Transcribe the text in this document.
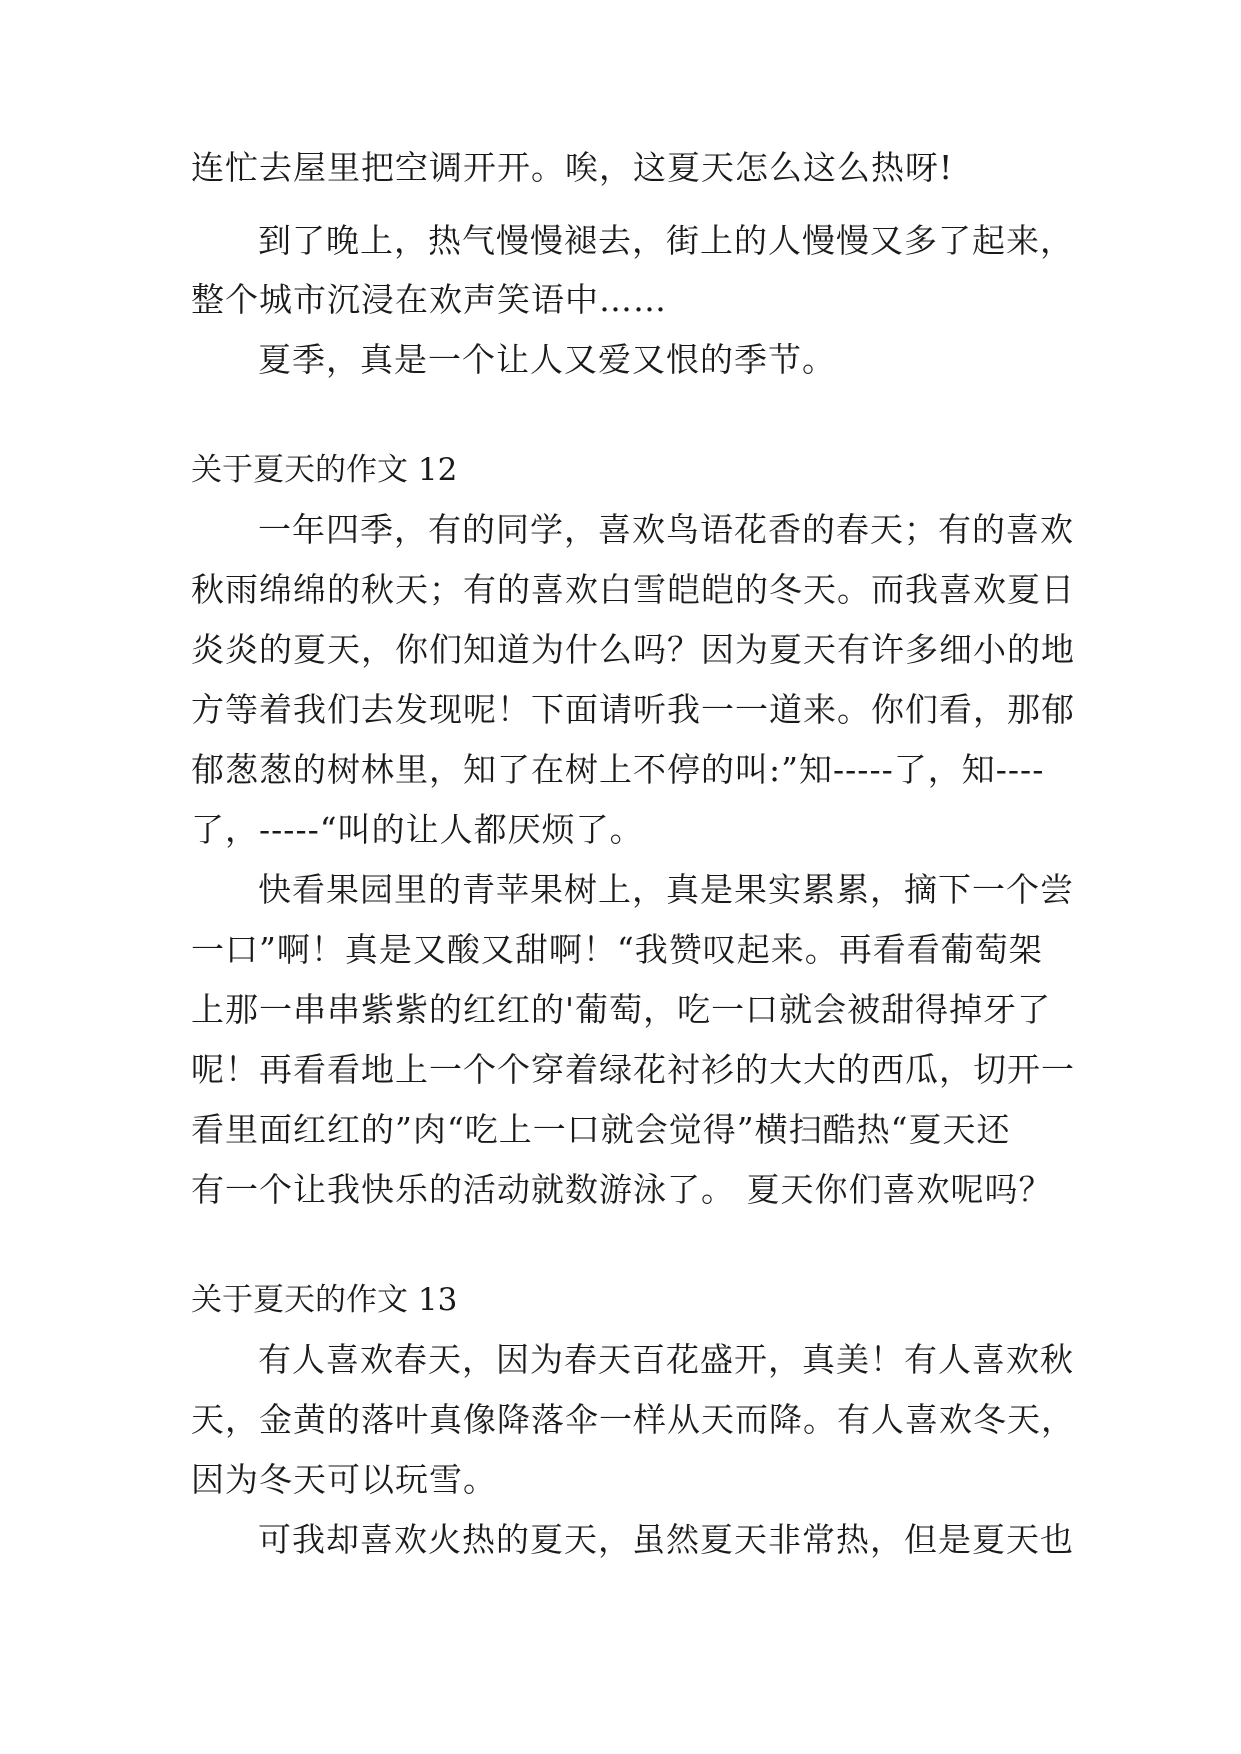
连忙去屋里把空调开开。唉，这夏天怎么这么热呀!
到了晚上，热气慢慢褪去，街上的人慢慢又多了起来，
整个城市沉浸在欢声笑语中……
夏季，真是一个让人又爱又恨的季节。
关于夏天的作文 12
一年四季，有的同学，喜欢鸟语花香的春天；有的喜欢
秋雨绵绵的秋天；有的喜欢白雪皑皑的冬天。而我喜欢夏日
炎炎的夏天，你们知道为什么吗？因为夏天有许多细小的地
方等着我们去发现呢！下面请听我一一道来。你们看，那郁
郁葱葱的树林里，知了在树上不停的叫:”知-----了，知----
了，-----“叫的让人都厌烦了。
快看果园里的青苹果树上，真是果实累累，摘下一个尝
一口”啊！真是又酸又甜啊！“我赞叹起来。再看看葡萄架
上那一串串紫紫的红红的'葡萄，吃一口就会被甜得掉牙了
呢！再看看地上一个个穿着绿花衬衫的大大的西瓜，切开一
看里面红红的”肉“吃上一口就会觉得”横扫酷热“夏天还
有一个让我快乐的活动就数游泳了。 夏天你们喜欢呢吗？
关于夏天的作文 13
有人喜欢春天，因为春天百花盛开，真美！有人喜欢秋
天，金黄的落叶真像降落伞一样从天而降。有人喜欢冬天，
因为冬天可以玩雪。
可我却喜欢火热的夏天，虽然夏天非常热，但是夏天也
